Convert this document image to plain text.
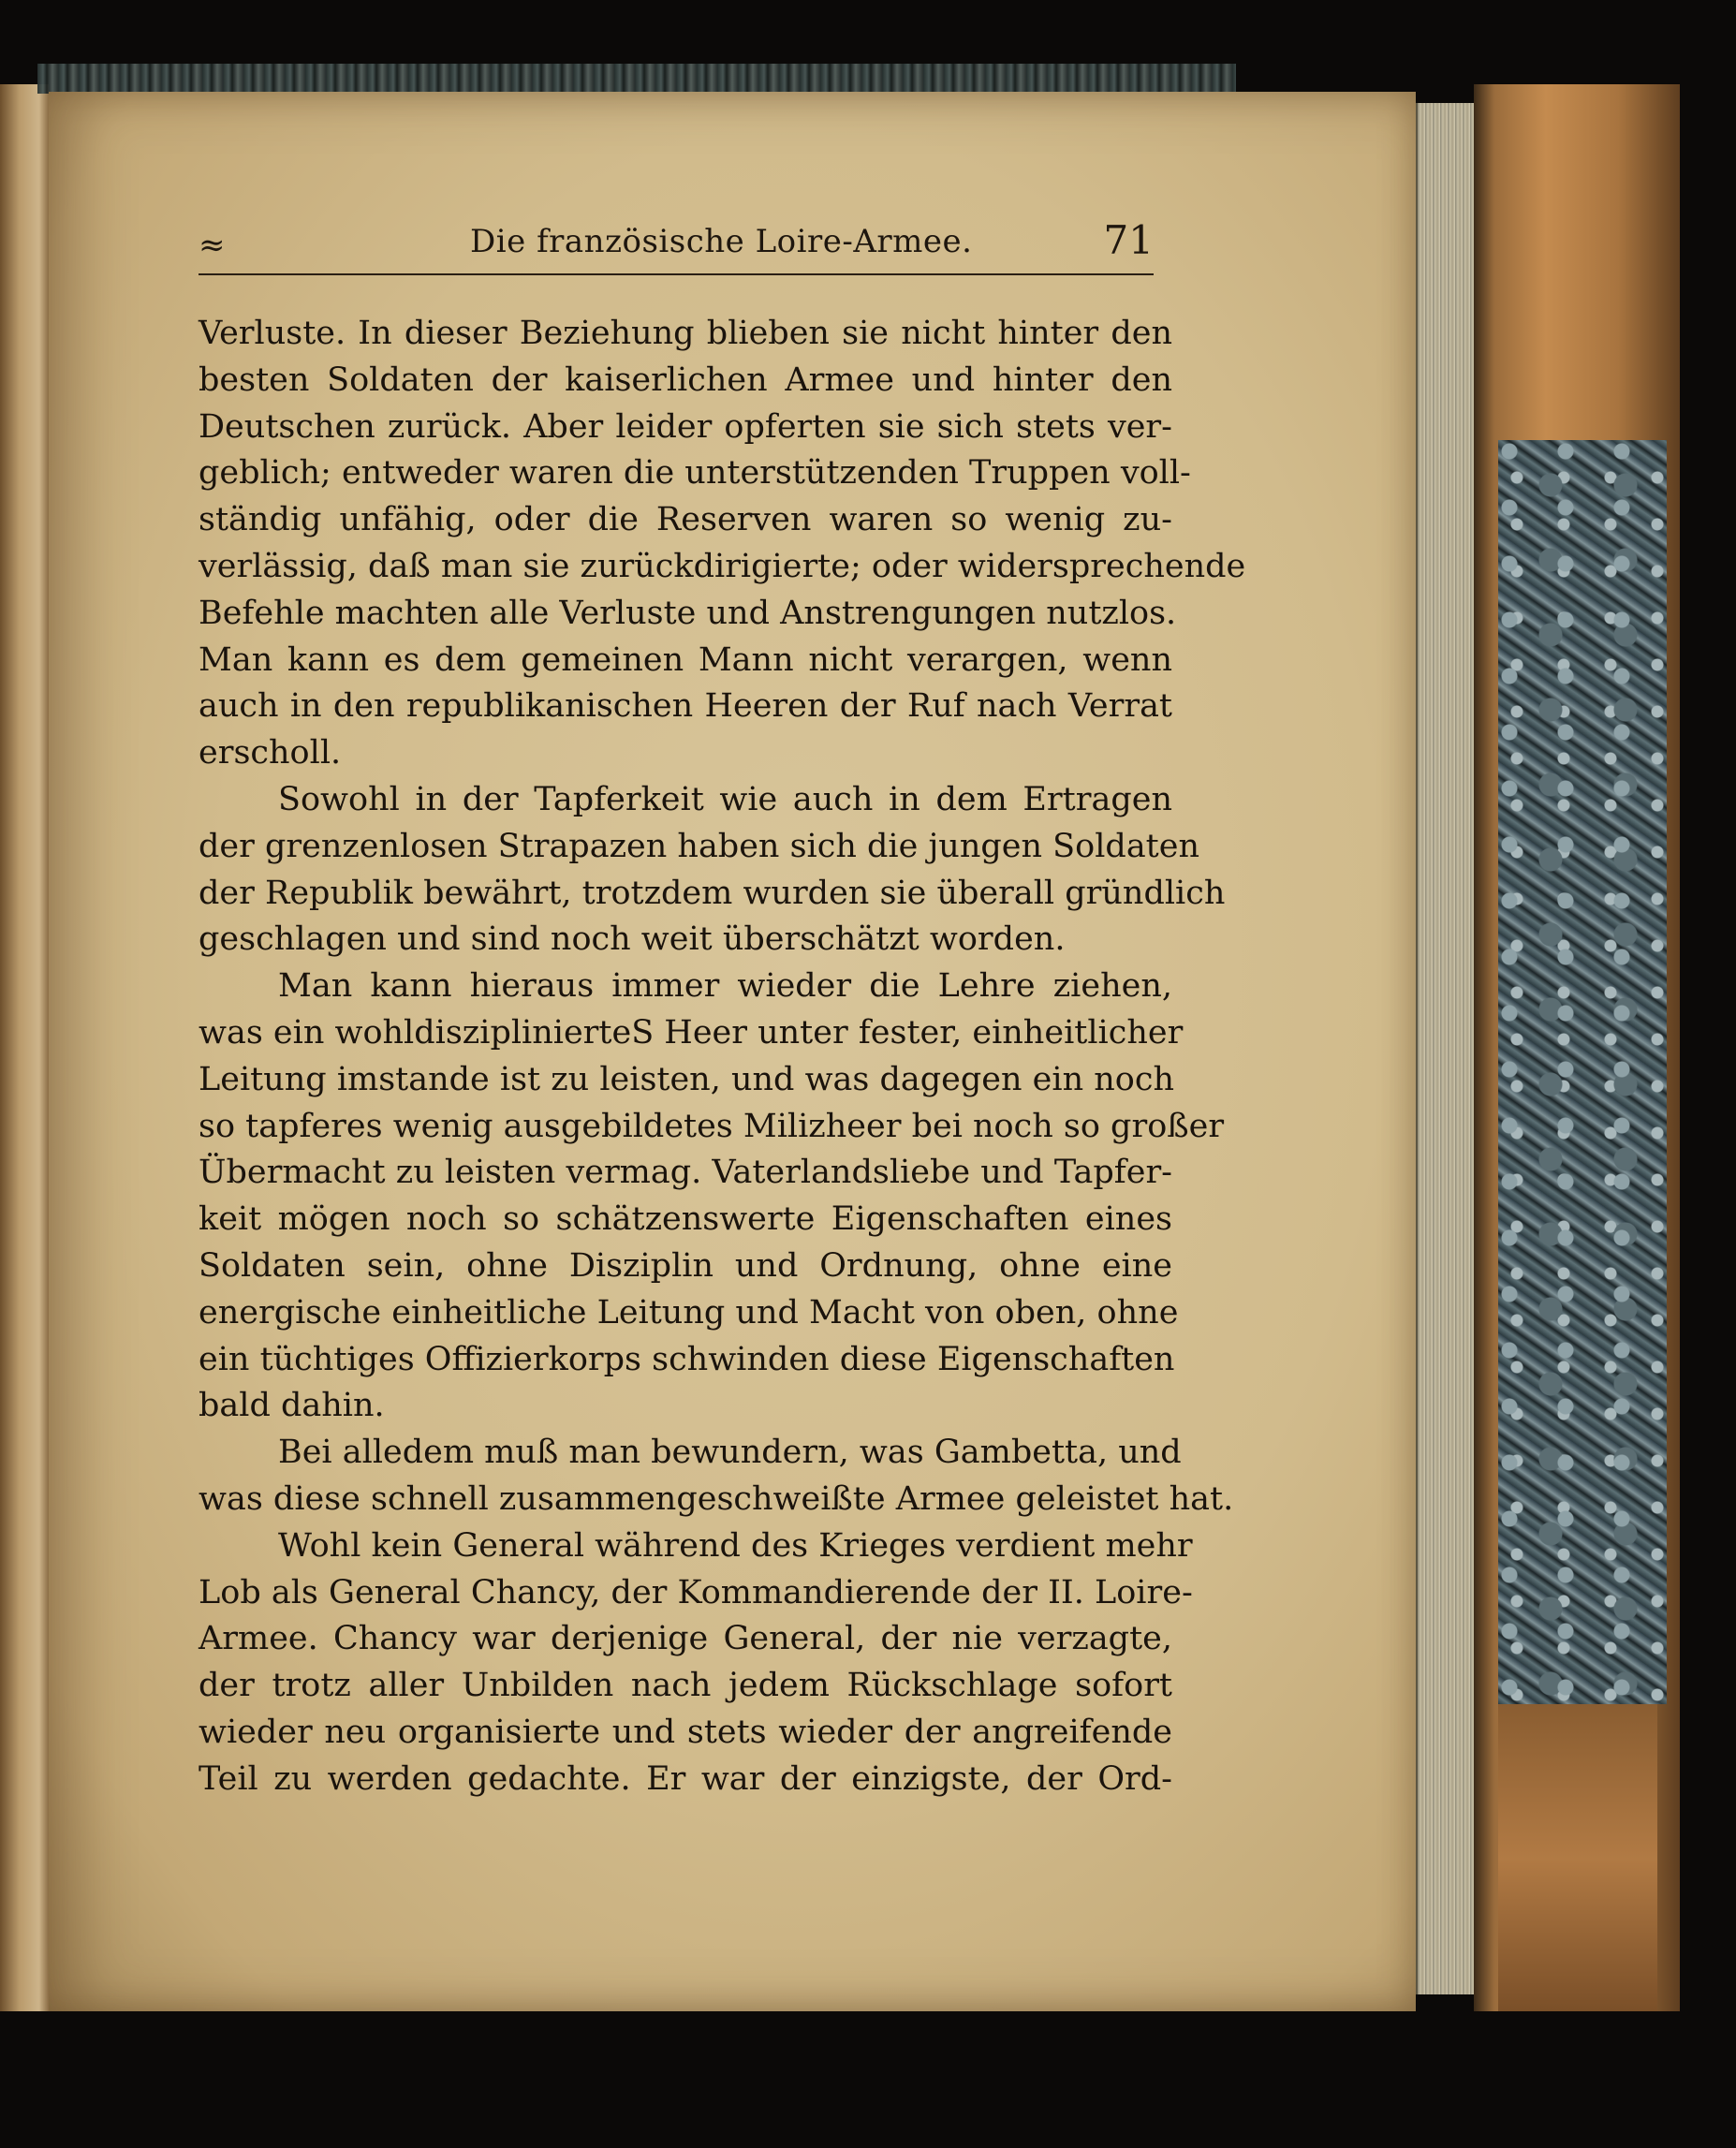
≈	Die französische Loire-Armee.	71
Verluste. In dieser Beziehung blieben sie nicht hinter den
besten Soldaten der kaiserlichen Armee und hinter den
Deutschen zurück. Aber leider opferten sie sich stets ver-
geblich; entweder waren die unterstützenden Truppen voll-
ständig unfähig, oder die Reserven waren so wenig zu-
verlässig, daß man sie zurückdirigierte; oder widersprechende
Befehle machten alle Verluste und Anstrengungen nutzlos.
Man kann es dem gemeinen Mann nicht verargen, wenn
auch in den republikanischen Heeren der Ruf nach Verrat
erscholl.
Sowohl in der Tapferkeit wie auch in dem Ertragen
der grenzenlosen Strapazen haben sich die jungen Soldaten
der Republik bewährt, trotzdem wurden sie überall gründlich
geschlagen und sind noch weit überschätzt worden.
Man kann hieraus immer wieder die Lehre ziehen,
was ein wohldisziplinierteS Heer unter fester, einheitlicher
Leitung imstande ist zu leisten, und was dagegen ein noch
so tapferes wenig ausgebildetes Milizheer bei noch so großer
Übermacht zu leisten vermag. Vaterlandsliebe und Tapfer-
keit mögen noch so schätzenswerte Eigenschaften eines
Soldaten sein, ohne Disziplin und Ordnung, ohne eine
energische einheitliche Leitung und Macht von oben, ohne
ein tüchtiges Offizierkorps schwinden diese Eigenschaften
bald dahin.
Bei alledem muß man bewundern, was Gambetta, und
was diese schnell zusammengeschweißte Armee geleistet hat.
Wohl kein General während des Krieges verdient mehr
Lob als General Chancy, der Kommandierende der II. Loire-
Armee. Chancy war derjenige General, der nie verzagte,
der trotz aller Unbilden nach jedem Rückschlage sofort
wieder neu organisierte und stets wieder der angreifende
Teil zu werden gedachte. Er war der einzigste, der Ord-
